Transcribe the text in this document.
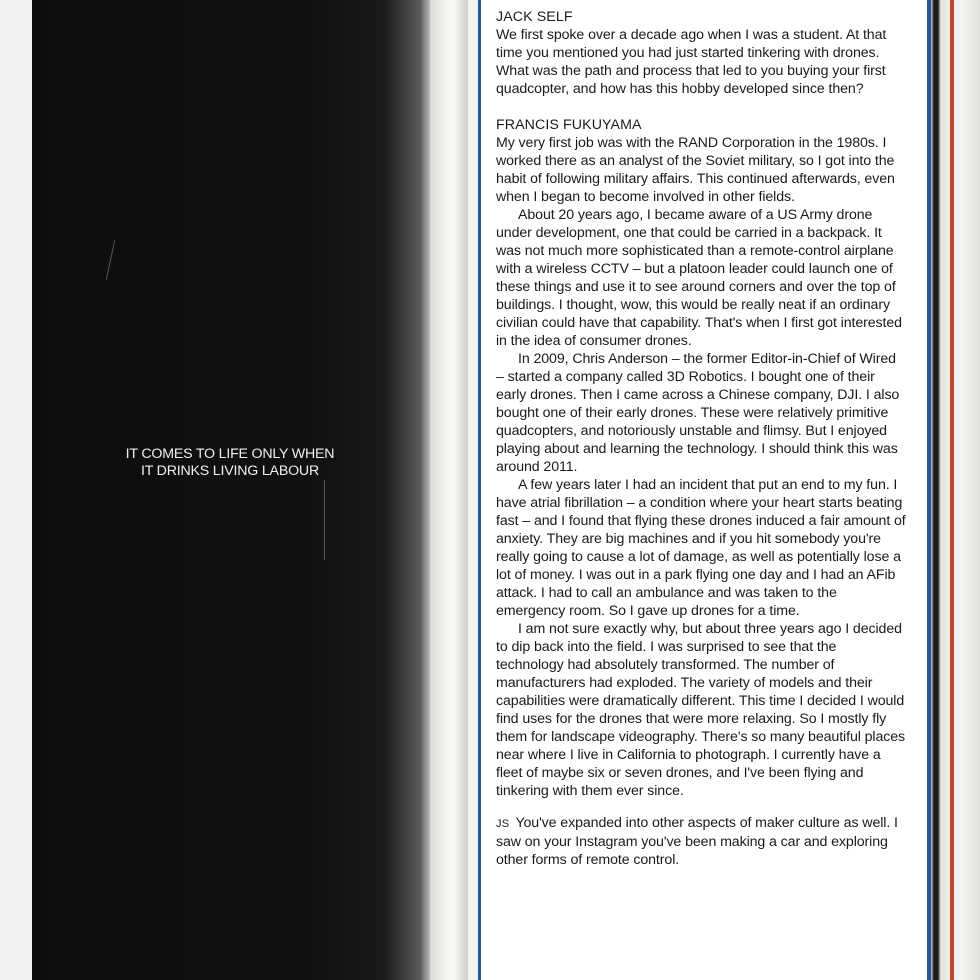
IT COMES TO LIFE ONLY WHEN
IT DRINKS LIVING LABOUR

JACK SELF

We first spoke over a decade ago when I was a student. At that time you mentioned you had just started tinkering with drones. What was the path and process that led to you buying your first quadcopter, and how has this hobby developed since then?

FRANCIS FUKUYAMA

My very first job was with the RAND Corporation in the 1980s. I worked there as an analyst of the Soviet military, so I got into the habit of following military affairs. This continued afterwards, even when I began to become involved in other fields.

About 20 years ago, I became aware of a US Army drone under development, one that could be carried in a backpack. It was not much more sophisticated than a remote-control airplane with a wireless CCTV – but a platoon leader could launch one of these things and use it to see around corners and over the top of buildings. I thought, wow, this would be really neat if an ordinary civilian could have that capability. That's when I first got interested in the idea of consumer drones.

In 2009, Chris Anderson – the former Editor-in-Chief of Wired – started a company called 3D Robotics. I bought one of their early drones. Then I came across a Chinese company, DJI. I also bought one of their early drones. These were relatively primitive quadcopters, and notoriously unstable and flimsy. But I enjoyed playing about and learning the technology. I should think this was around 2011.

A few years later I had an incident that put an end to my fun. I have atrial fibrillation – a condition where your heart starts beating fast – and I found that flying these drones induced a fair amount of anxiety. They are big machines and if you hit somebody you're really going to cause a lot of damage, as well as potentially lose a lot of money. I was out in a park flying one day and I had an AFib attack. I had to call an ambulance and was taken to the emergency room. So I gave up drones for a time.

I am not sure exactly why, but about three years ago I decided to dip back into the field. I was surprised to see that the technology had absolutely transformed. The number of manufacturers had exploded. The variety of models and their capabilities were dramatically different. This time I decided I would find uses for the drones that were more relaxing. So I mostly fly them for landscape videography. There's so many beautiful places near where I live in California to photograph. I currently have a fleet of maybe six or seven drones, and I've been flying and tinkering with them ever since.

JS You've expanded into other aspects of maker culture as well. I saw on your Instagram you've been making a car and exploring other forms of remote control.
